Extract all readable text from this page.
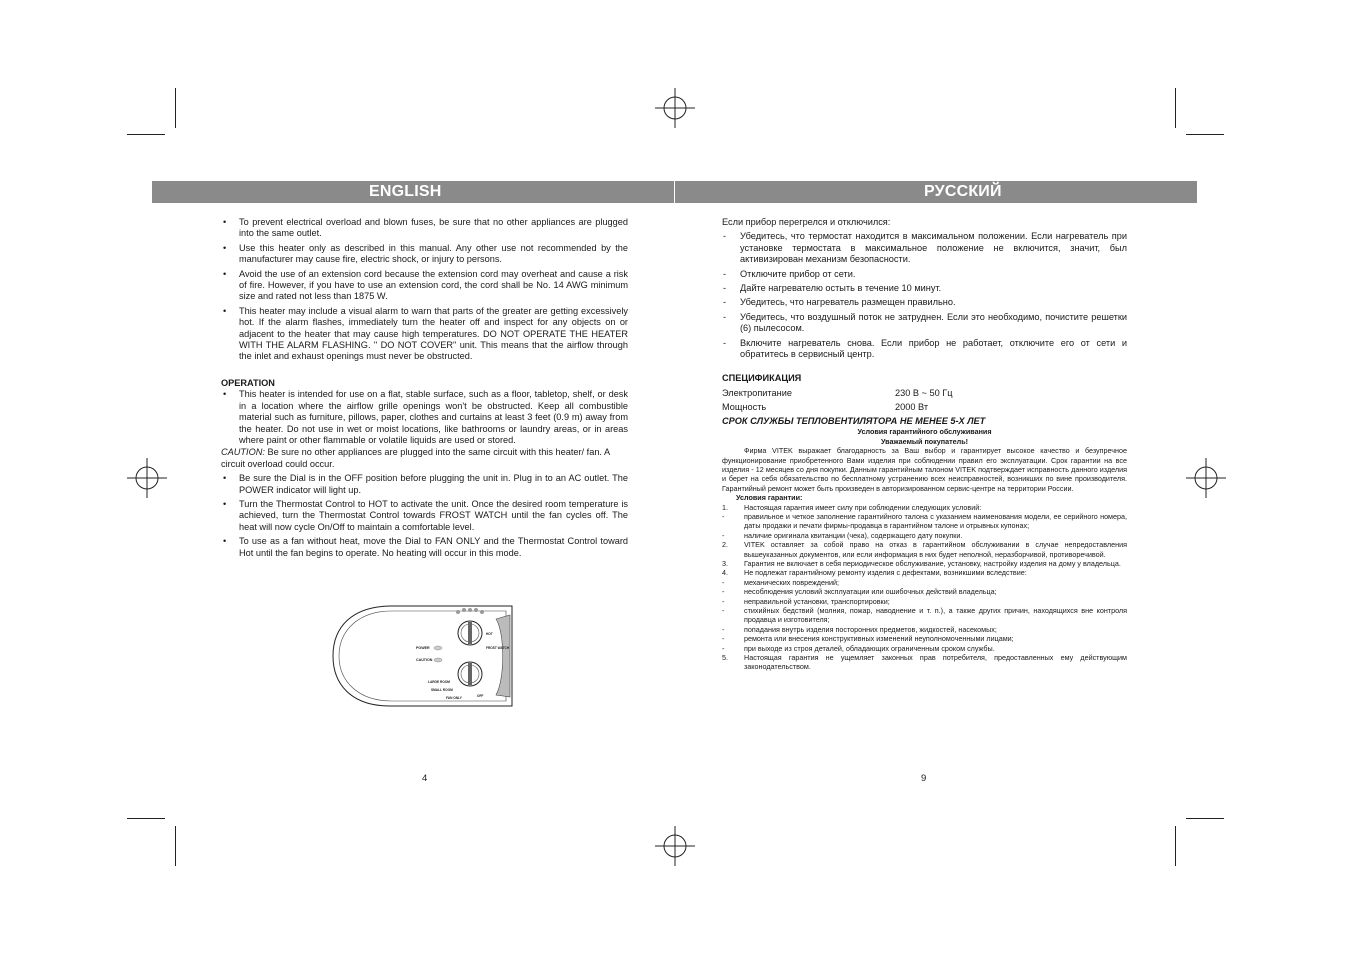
ENGLISH	РУССКИЙ
• To prevent electrical overload and blown fuses, be sure that no other appliances are plugged into the same outlet.
• Use this heater only as described in this manual. Any other use not recommended by the manufacturer may cause fire, electric shock, or injury to persons.
• Avoid the use of an extension cord because the extension cord may overheat and cause a risk of fire. However, if you have to use an extension cord, the cord shall be No. 14 AWG minimum size and rated not less than 1875 W.
• This heater may include a visual alarm to warn that parts of the greater are getting excessively hot. If the alarm flashes, immediately turn the heater off and inspect for any objects on or adjacent to the heater that may cause high temperatures. DO NOT OPERATE THE HEATER WITH THE ALARM FLASHING. " DO NOT COVER" unit. This means that the airflow through the inlet and exhaust openings must never be obstructed.

OPERATION

• This heater is intended for use on a flat, stable surface, such as a floor, tabletop, shelf, or desk in a location where the airflow grille openings won't be obstructed. Keep all combustible material such as furniture, pillows, paper, clothes and curtains at least 3 feet (0.9 m) away from the heater. Do not use in wet or moist locations, like bathrooms or laundry areas, or in areas where paint or other flammable or volatile liquids are used or stored.

CAUTION: Be sure no other appliances are plugged into the same circuit with this heater/ fan. A circuit overload could occur.

• Be sure the Dial is in the OFF position before plugging the unit in. Plug in to an AC outlet. The POWER indicator will light up.
• Turn the Thermostat Control to HOT to activate the unit. Once the desired room temperature is achieved, turn the Thermostat Control towards FROST WATCH until the fan cycles off. The heat will now cycle On/Off to maintain a comfortable level.
• To use as a fan without heat, move the Dial to FAN ONLY and the Thermostat Control toward Hot until the fan begins to operate. No heating will occur in this mode.
POWER
CAUTION
FROST WATCH
HOT
LARGE ROOM
SMALL ROOM
FAN ONLY	OFF
4

Если прибор перегрелся и отключился:

- Убедитесь, что термостат находится в максимальном положении. Если нагреватель при установке термостата в максимальное положение не включится, значит, был активизирован механизм безопасности.
- Отключите прибор от сети.
- Дайте нагревателю остыть в течение 10 минут.
- Убедитесь, что нагреватель размещен правильно.
- Убедитесь, что воздушный поток не затруднен. Если это необходимо, почистите решетки (6) пылесосом.
- Включите нагреватель снова. Если прибор не работает, отключите его от сети и обратитесь в сервисный центр.

СПЕЦИФИКАЦИЯ

Электропитание	230 В ~ 50 Гц
Мощность	2000 Вт

СРОК СЛУЖБЫ ТЕПЛОВЕНТИЛЯТОРА НЕ МЕНЕЕ 5-Х ЛЕТ

Условия гарантийного обслуживания

Уважаемый покупатель!

Фирма VITEK выражает благодарность за Ваш выбор и гарантирует высокое качество и безупречное функционирование приобретенного Вами изделия при соблюдении правил его эксплуатации. Срок гарантии на все изделия - 12 месяцев со дня покупки. Данным гарантийным талоном VITEK подтверждает исправность данного изделия и берет на себя обязательство по бесплатному устранению всех неисправностей, возникших по вине производителя. Гарантийный ремонт может быть произведен в авторизированном сервис-центре на территории России.

Условия гарантии:

1. Настоящая гарантия имеет силу при соблюдении следующих условий:
-	правильное и четкое заполнение гарантийного талона с указанием наименования модели, ее серийного номера, даты продажи и печати фирмы-продавца в гарантийном талоне и отрывных купонах;
-	наличие оригинала квитанции (чека), содержащего дату покупки.
2. VITEK оставляет за собой право на отказ в гарантийном обслуживании в случае непредоставления вышеуказанных документов, или если информация в них будет неполной, неразборчивой, противоречивой.
3. Гарантия не включает в себя периодическое обслуживание, установку, настройку изделия на дому у владельца.
4. Не подлежат гарантийному ремонту изделия с дефектами, возникшими вследствие:
-	механических повреждений;
-	несоблюдения условий эксплуатации или ошибочных действий владельца;
-	неправильной установки, транспортировки;
-	стихийных бедствий (молния, пожар, наводнение и т. п.), а также других причин, находящихся вне контроля продавца и изготовителя;
-	попадания внутрь изделия посторонних предметов, жидкостей, насекомых;
-	ремонта или внесения конструктивных изменений неуполномоченными лицами;
-	при выходе из строя деталей, обладающих ограниченным сроком службы.
5. Настоящая гарантия не ущемляет законных прав потребителя, предоставленных ему действующим законодательством.
9
